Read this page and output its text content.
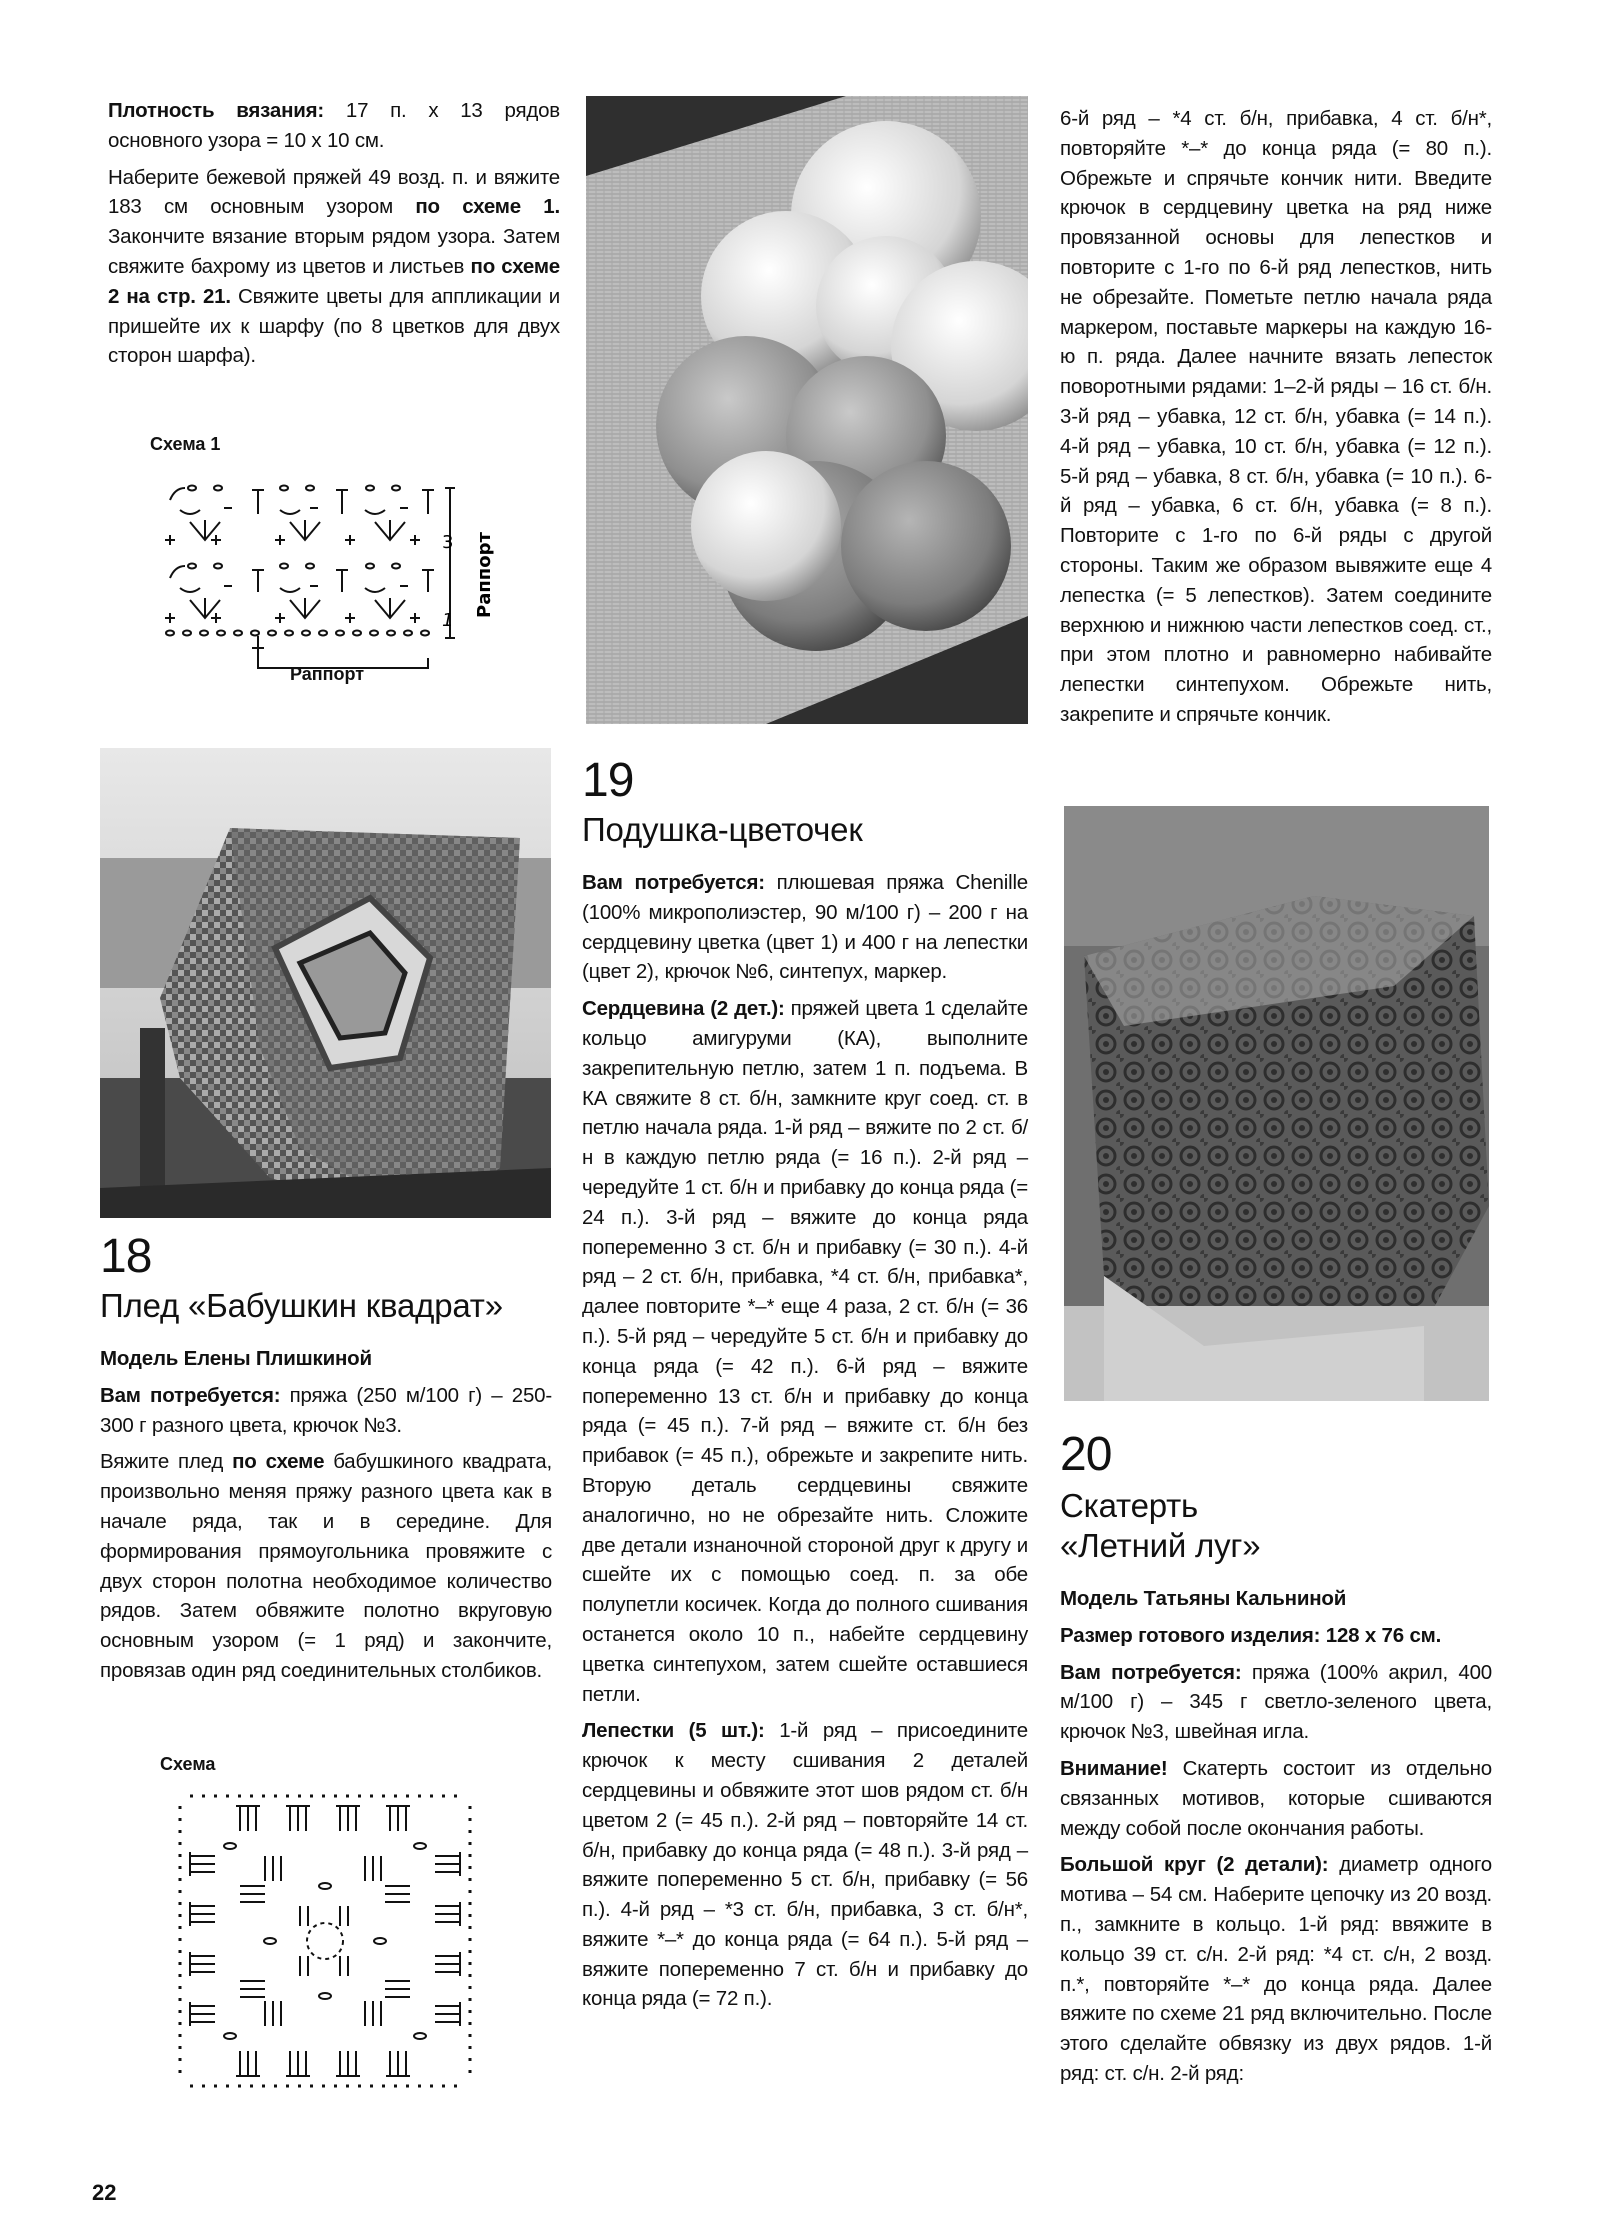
Плотность вязания: 17 п. х 13 рядов основного узора = 10 х 10 см.

Наберите бежевой пряжей 49 возд. п. и вяжите 183 см основным узором по схеме 1. Закончите вязание вторым рядом узора. Затем свяжите бахрому из цветов и листьев по схеме 2 на стр. 21. Свяжите цветы для аппликации и пришейте их к шарфу (по 8 цветков для двух сторон шарфа).

Схема 1
3
1
Раппорт
Раппорт

6-й ряд – *4 ст. б/н, прибавка, 4 ст. б/н*, повторяйте *–* до конца ряда (= 80 п.). Обрежьте и спрячьте кончик нити. Введите крючок в сердцевину цветка на ряд ниже провязанной основы для лепестков и повторите с 1-го по 6-й ряд лепестков, нить не обрезайте. Пометьте петлю начала ряда маркером, поставьте маркеры на каждую 16-ю п. ряда. Далее начните вязать лепесток поворотными рядами: 1–2-й ряды – 16 ст. б/н. 3-й ряд – убавка, 12 ст. б/н, убавка (= 14 п.). 4-й ряд – убавка, 10 ст. б/н, убавка (= 12 п.). 5-й ряд – убавка, 8 ст. б/н, убавка (= 10 п.). 6-й ряд – убавка, 6 ст. б/н, убавка (= 8 п.). Повторите с 1-го по 6-й ряды с другой стороны. Таким же образом вывяжите еще 4 лепестка (= 5 лепестков). Затем соедините верхнюю и нижнюю части лепестков соед. ст., при этом плотно и равномерно набивайте лепестки синтепухом. Обрежьте нить, закрепите и спрячьте кончик.

18
Плед «Бабушкин квадрат»

Модель Елены Плишкиной

Вам потребуется: пряжа (250 м/100 г) – 250-300 г разного цвета, крючок №3.

Вяжите плед по схеме бабушкиного квадрата, произвольно меняя пряжу разного цвета как в начале ряда, так и в середине. Для формирования прямоугольника провяжите с двух сторон полотна необходимое количество рядов. Затем обвяжите полотно вкруговую основным узором (= 1 ряд) и закончите, провязав один ряд соединительных столбиков.

Схема
19
Подушка-цветочек

Вам потребуется: плюшевая пряжа Chenille (100% микрополиэстер, 90 м/100 г) – 200 г на сердцевину цветка (цвет 1) и 400 г на лепестки (цвет 2), крючок №6, синтепух, маркер.

Сердцевина (2 дет.): пряжей цвета 1 сделайте кольцо амигуруми (КА), выполните закрепительную петлю, затем 1 п. подъема. В КА свяжите 8 ст. б/н, замкните круг соед. ст. в петлю начала ряда. 1-й ряд – вяжите по 2 ст. б/н в каждую петлю ряда (= 16 п.). 2-й ряд – чередуйте 1 ст. б/н и прибавку до конца ряда (= 24 п.). 3-й ряд – вяжите до конца ряда попеременно 3 ст. б/н и прибавку (= 30 п.). 4-й ряд – 2 ст. б/н, прибавка, *4 ст. б/н, прибавка*, далее повторите *–* еще 4 раза, 2 ст. б/н (= 36 п.). 5-й ряд – чередуйте 5 ст. б/н и прибавку до конца ряда (= 42 п.). 6-й ряд – вяжите попеременно 13 ст. б/н и прибавку до конца ряда (= 45 п.). 7-й ряд – вяжите ст. б/н без прибавок (= 45 п.), обрежьте и закрепите нить. Вторую деталь сердцевины свяжите аналогично, но не обрезайте нить. Сложите две детали изнаночной стороной друг к другу и сшейте их с помощью соед. п. за обе полупетли косичек. Когда до полного сшивания останется около 10 п., набейте сердцевину цветка синтепухом, затем сшейте оставшиеся петли.

Лепестки (5 шт.): 1-й ряд – присоедините крючок к месту сшивания 2 деталей сердцевины и обвяжите этот шов рядом ст. б/н цветом 2 (= 45 п.). 2-й ряд – повторяйте 14 ст. б/н, прибавку до конца ряда (= 48 п.). 3-й ряд – вяжите попеременно 5 ст. б/н, прибавку (= 56 п.). 4-й ряд – *3 ст. б/н, прибавка, 3 ст. б/н*, вяжите *–* до конца ряда (= 64 п.). 5-й ряд – вяжите попеременно 7 ст. б/н и прибавку до конца ряда (= 72 п.).

20
Скатерть
«Летний луг»

Модель Татьяны Кальниной

Размер готового изделия: 128 х 76 см.

Вам потребуется: пряжа (100% акрил, 400 м/100 г) – 345 г светло-зеленого цвета, крючок №3, швейная игла.

Внимание! Скатерть состоит из отдельно связанных мотивов, которые сшиваются между собой после окончания работы.

Большой круг (2 детали): диаметр одного мотива – 54 см. Наберите цепочку из 20 возд. п., замкните в кольцо. 1-й ряд: ввяжите в кольцо 39 ст. с/н. 2-й ряд: *4 ст. с/н, 2 возд. п.*, повторяйте *–* до конца ряда. Далее вяжите по схеме 21 ряд включительно. После этого сделайте обвязку из двух рядов. 1-й ряд: ст. с/н. 2-й ряд:

22
